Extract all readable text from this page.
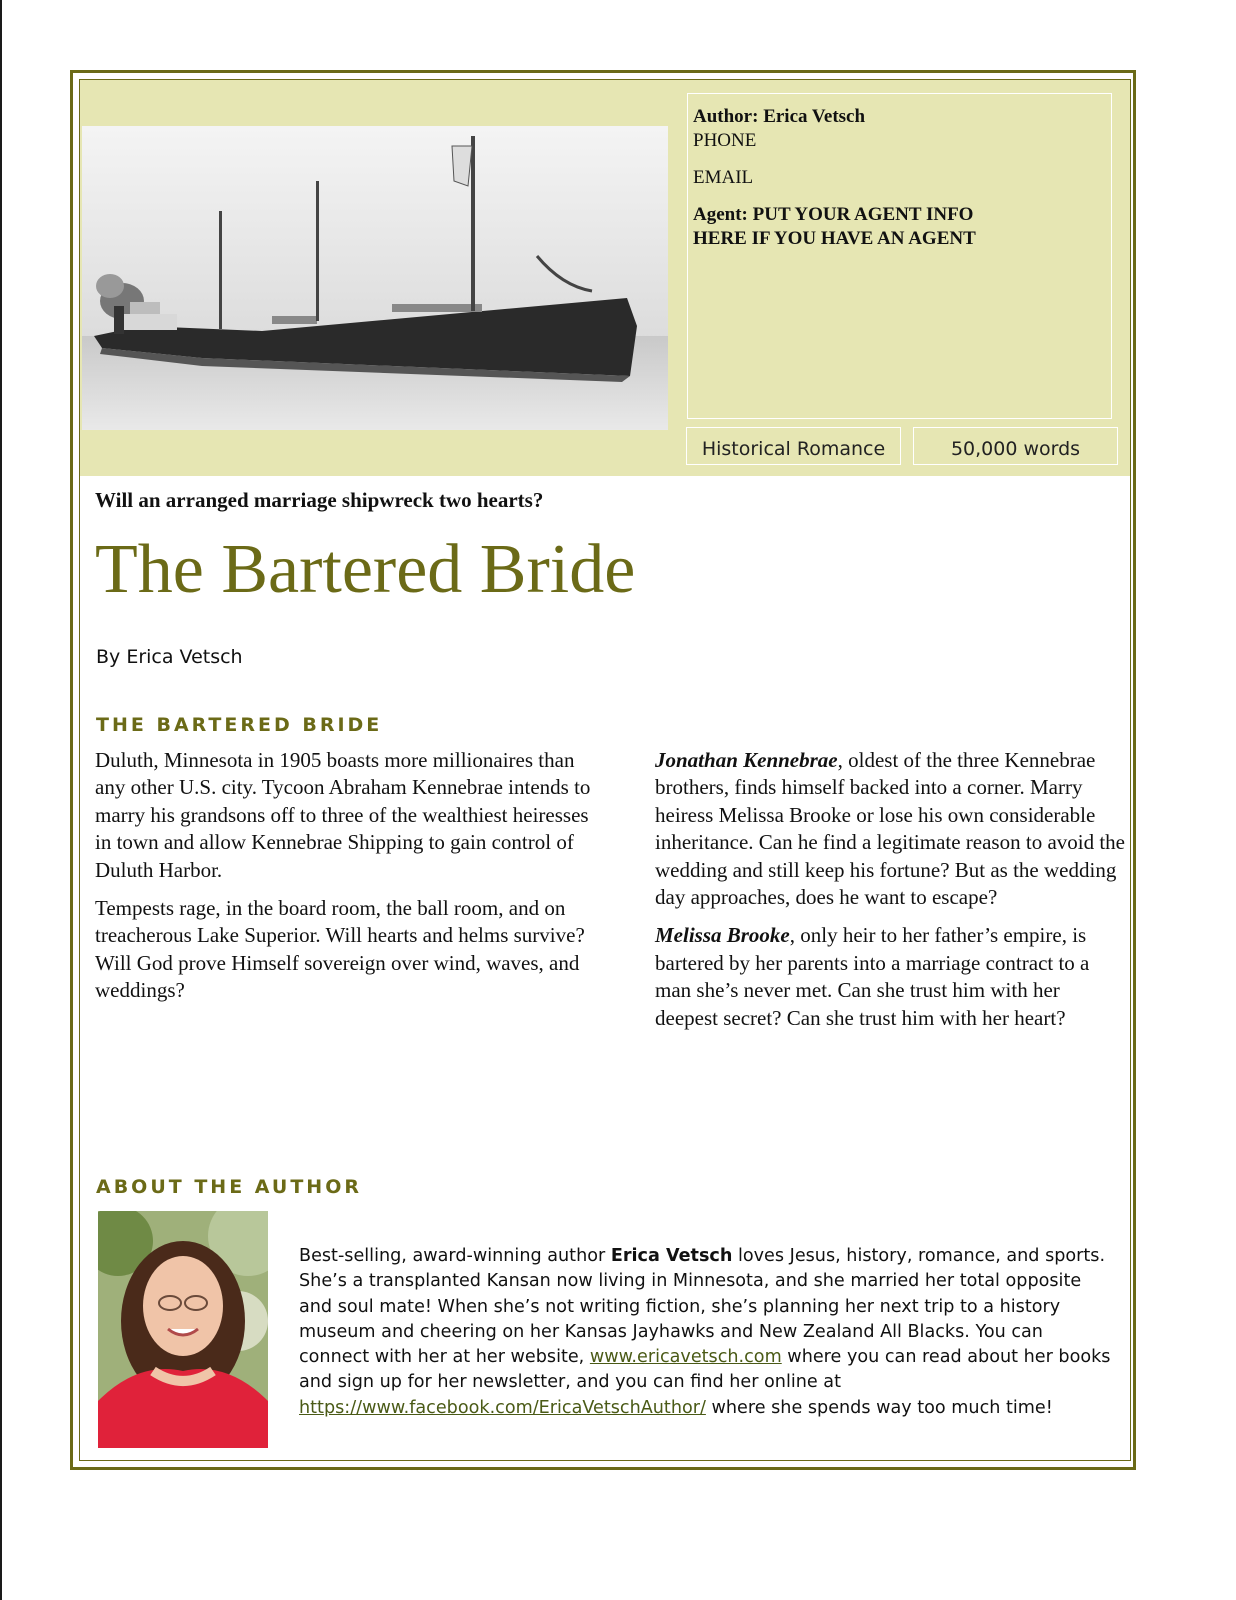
Author: Erica Vetsch
PHONE
EMAIL
Agent: PUT YOUR AGENT INFO
HERE IF YOU HAVE AN AGENT
Historical Romance	50,000 words
Will an arranged marriage shipwreck two hearts?
The Bartered Bride
By Erica Vetsch
THE BARTERED BRIDE

Duluth, Minnesota in 1905 boasts more millionaires than any other U.S. city. Tycoon Abraham Kennebrae intends to marry his grandsons off to three of the wealthiest heiresses in town and allow Kennebrae Shipping to gain control of Duluth Harbor.

Tempests rage, in the board room, the ball room, and on treacherous Lake Superior. Will hearts and helms survive? Will God prove Himself sovereign over wind, waves, and weddings?

Jonathan Kennebrae, oldest of the three Kennebrae brothers, finds himself backed into a corner. Marry heiress Melissa Brooke or lose his own considerable inheritance. Can he find a legitimate reason to avoid the wedding and still keep his fortune? But as the wedding day approaches, does he want to escape?

Melissa Brooke, only heir to her father’s empire, is bartered by her parents into a marriage contract to a man she’s never met. Can she trust him with her deepest secret? Can she trust him with her heart?

ABOUT THE AUTHOR
Best-selling, award-winning author Erica Vetsch loves Jesus, history, romance, and sports. She’s a transplanted Kansan now living in Minnesota, and she married her total opposite and soul mate! When she’s not writing fiction, she’s planning her next trip to a history museum and cheering on her Kansas Jayhawks and New Zealand All Blacks. You can connect with her at her website, www.ericavetsch.com where you can read about her books and sign up for her newsletter, and you can find her online at https://www.facebook.com/EricaVetschAuthor/ where she spends way too much time!
